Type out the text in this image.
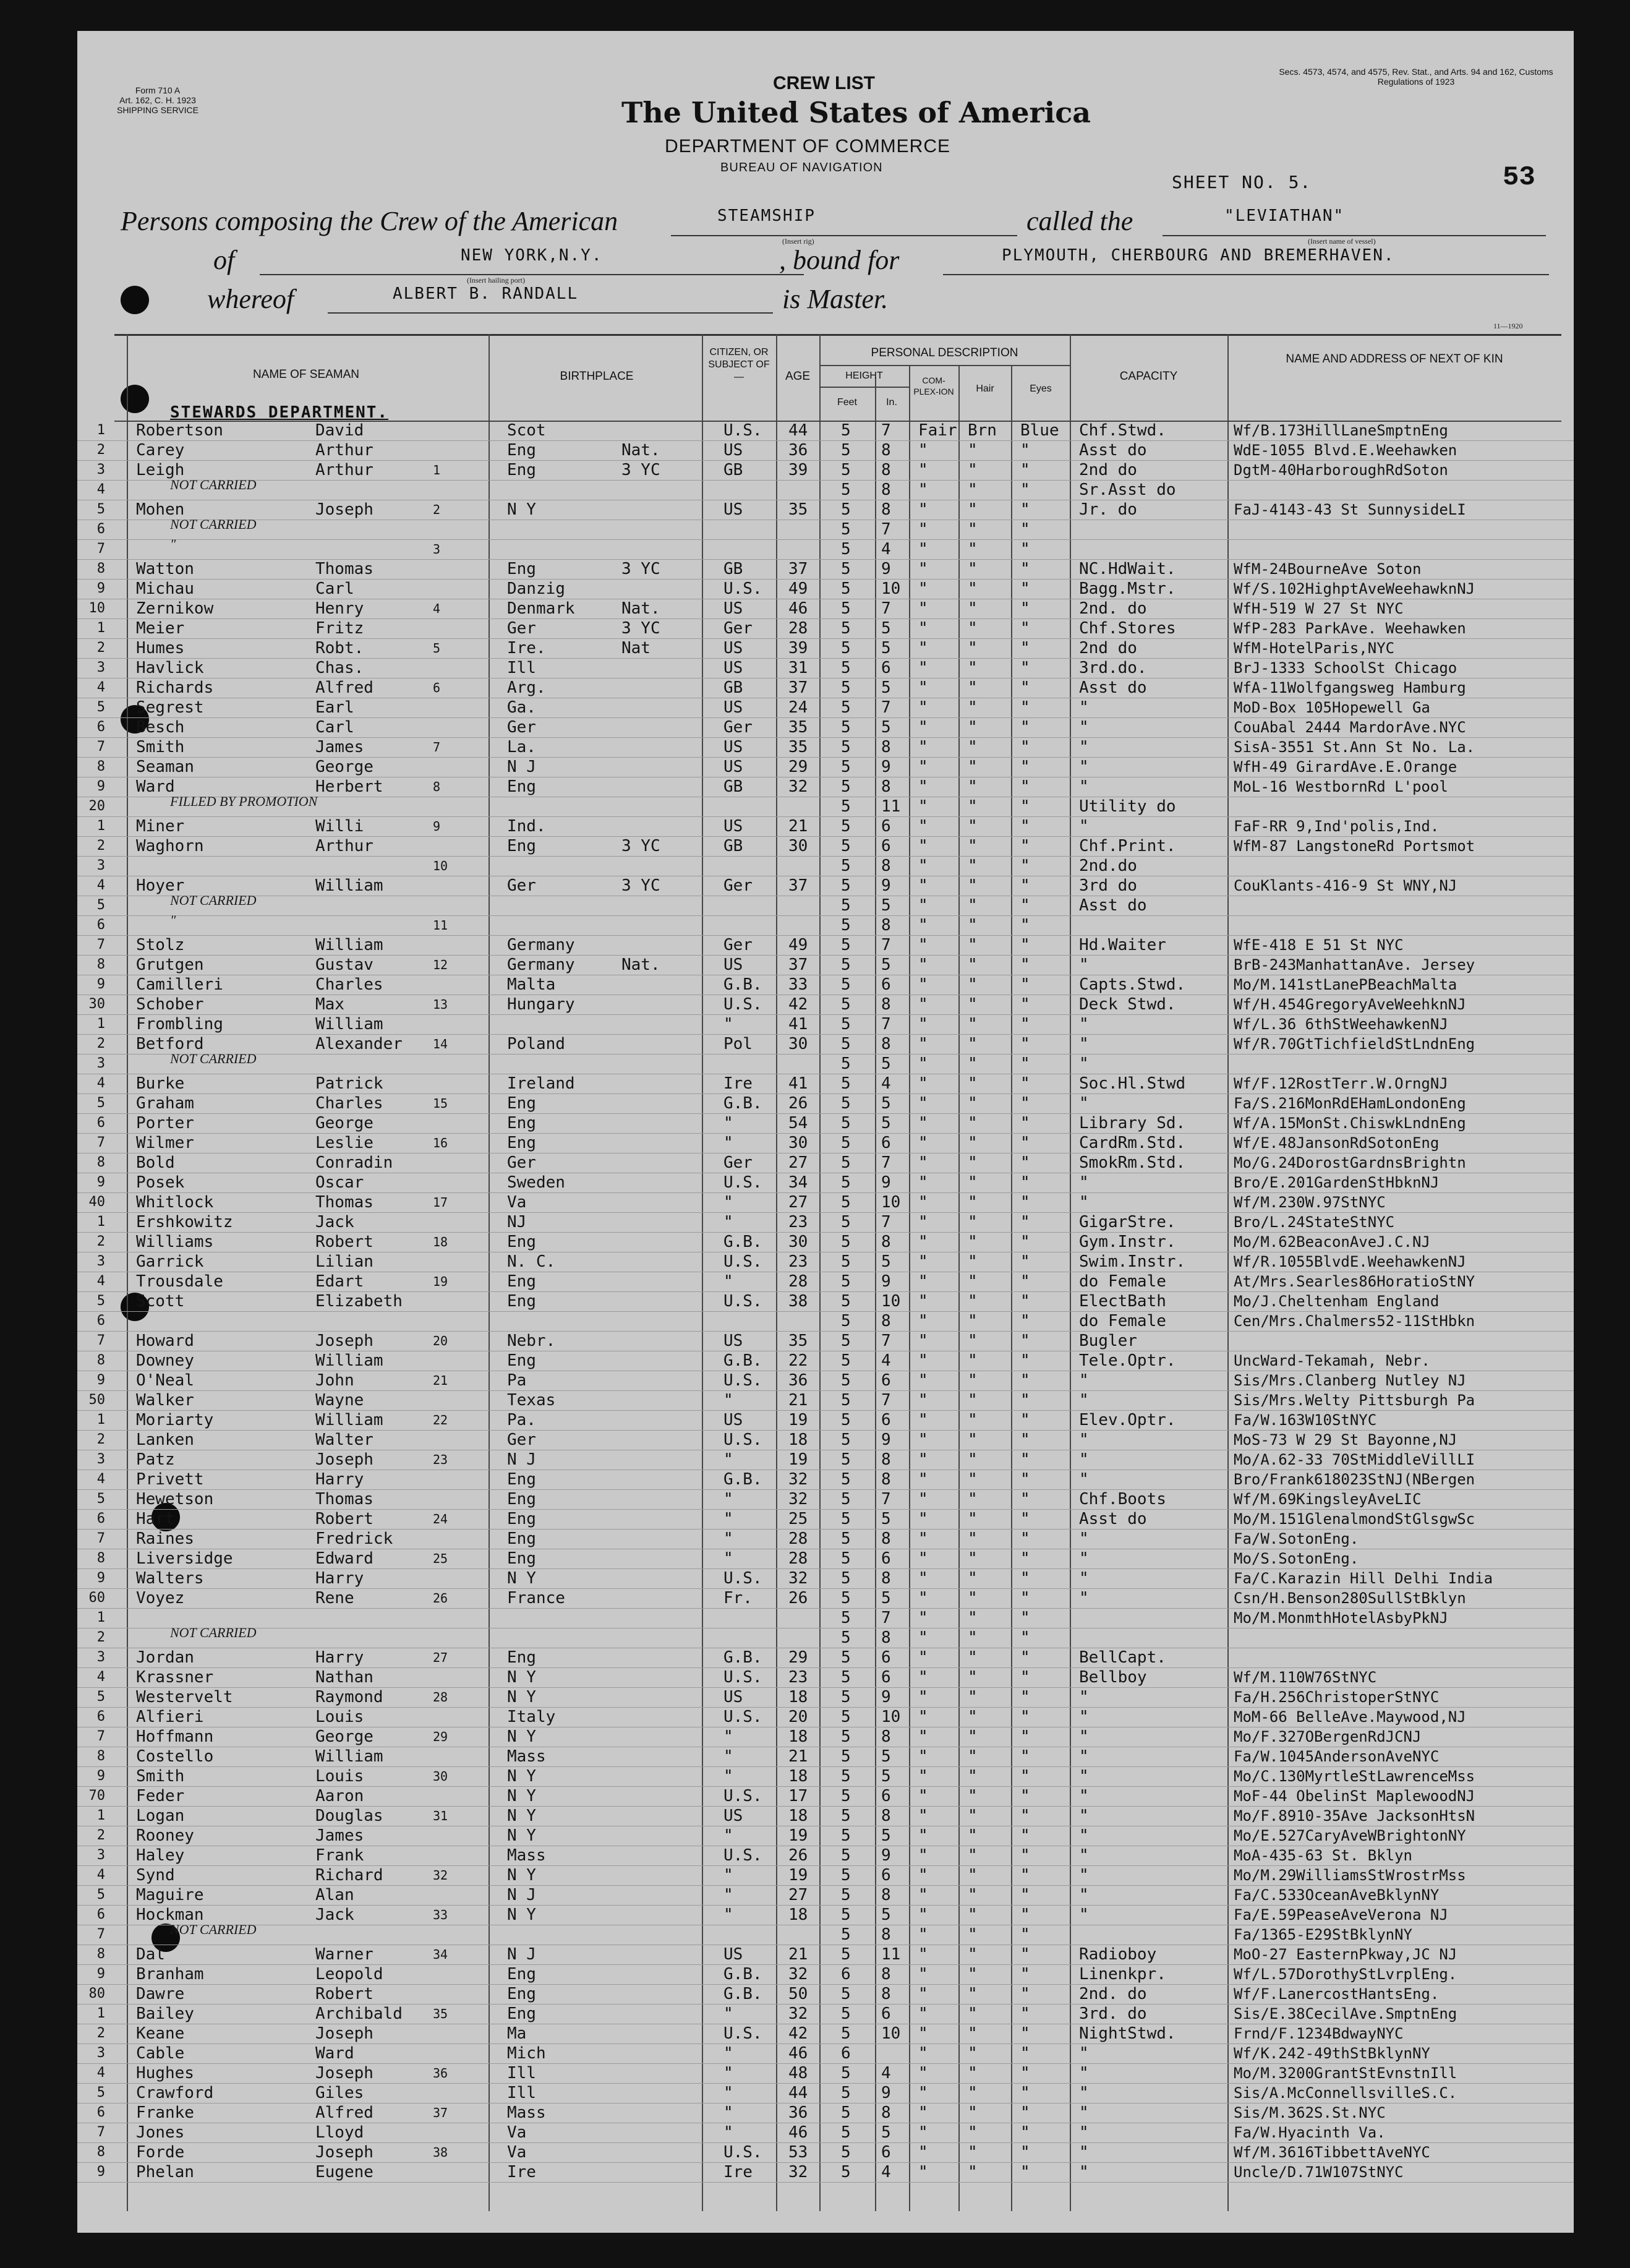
Form 710 A
Art. 162, C. H. 1923
SHIPPING SERVICE
Secs. 4573, 4574, and 4575, Rev. Stat., and Arts. 94 and 162, Customs Regulations of 1923
CREW LIST
The United States of America
DEPARTMENT OF COMMERCE
BUREAU OF NAVIGATION
SHEET NO. 5.	53
Persons composing the Crew of the American	STEAMSHIP
(Insert rig)
called the	"LEVIATHAN"
(Insert name of vessel)
of	NEW YORK,N.Y.
(Insert hailing port)
, bound for	PLYMOUTH, CHERBOURG AND BREMERHAVEN.
whereof	ALBERT B. RANDALL	is Master.
11—1920
NAME OF SEAMAN	BIRTHPLACE
CITIZEN, OR SUBJECT OF—	AGE
PERSONAL DESCRIPTION
HEIGHT
Feet	In.
COM-PLEX-ION	Hair	Eyes
CAPACITY
NAME AND ADDRESS OF NEXT OF KIN
STEWARDS DEPARTMENT.
1 Robertson	David	Scot	U.S. 44 5 7 Fair Brn Blue Chf.Stwd.	Wf/B.173HillLaneSmptnEng
2 Carey	Arthur	Eng	Nat.	US	36 5 8 " "	"	Asst do	WdE-1055 Blvd.E.Weehawken
3 Leigh	Arthur	1	Eng	3 YC	GB	39 5 8 " "	"	2nd do	DgtM-40HarboroughRdSoton
4	5 8 " "	"	Sr.Asst do
NOT CARRIED
5 Mohen	Joseph	2	N Y	US	35 5 8 " "	"	Jr. do	FaJ-4143-43 St SunnysideLI
6	5 7 " "	"
NOT CARRIED
7	3	5 4 " "	"
"
8 Watton	Thomas	Eng	3 YC	GB	37 5 9 " "	"	NC.HdWait.	WfM-24BourneAve Soton
9 Michau	Carl	Danzig	U.S. 49 5 10 " "	"	Bagg.Mstr.	Wf/S.102HighptAveWeehawknNJ
10 Zernikow	Henry	4	Denmark	Nat.	US	46 5 7 " "	"	2nd. do	WfH-519 W 27 St NYC
1 Meier	Fritz	Ger	3 YC	Ger 28 5 5 " "	"	Chf.Stores	WfP-283 ParkAve. Weehawken
2 Humes	Robt.	5	Ire.	Nat	US	39 5 5 " "	"	2nd do	WfM-HotelParis,NYC
3 Havlick	Chas.	Ill	US	31 5 6 " "	"	3rd.do.	BrJ-1333 SchoolSt Chicago
4 Richards	Alfred	6	Arg.	GB	37 5 5 " "	"	Asst do	WfA-11Wolfgangsweg Hamburg
5 Segrest	Earl	Ga.	US	24 5 7 " "	"	"	MoD-Box 105Hopewell Ga
6 Besch	Carl	Ger	Ger 35 5 5 " "	"	"	CouAbal 2444 MardorAve.NYC
7 Smith	James	7	La.	US	35 5 8 " "	"	"	SisA-3551 St.Ann St No. La.
8 Seaman	George	N J	US	29 5 9 " "	"	"	WfH-49 GirardAve.E.Orange
9 Ward	Herbert	8	Eng	GB	32 5 8 " "	"	"	MoL-16 WestbornRd L'pool
20	5 11 " "	"	Utility do
FILLED BY PROMOTION
1 Miner	Willi	9	Ind.	US	21 5 6 " "	"	"	FaF-RR 9,Ind'polis,Ind.
2 Waghorn	Arthur	Eng	3 YC	GB	30 5 6 " "	"	Chf.Print.	WfM-87 LangstoneRd Portsmot
3	10	5 8 " "	"	2nd.do
4 Hoyer	William	Ger	3 YC	Ger 37 5 9 " "	"	3rd do	CouKlants-416-9 St WNY,NJ
5	5 5 " "	"	Asst do
NOT CARRIED
6	11	5 8 " "	"
"
7 Stolz	William	Germany	Ger 49 5 7 " "	"	Hd.Waiter	WfE-418 E 51 St NYC
8 Grutgen	Gustav	12	Germany	Nat.	US	37 5 5 " "	"	"	BrB-243ManhattanAve. Jersey
9 Camilleri	Charles	Malta	G.B. 33 5 6 " "	"	Capts.Stwd.	Mo/M.141stLanePBeachMalta
30 Schober	Max	13	Hungary	U.S. 42 5 8 " "	"	Deck Stwd.	Wf/H.454GregoryAveWeehknNJ
1 Frombling	William	"	41 5 7 " "	"	"	Wf/L.36 6thStWeehawkenNJ
2 Betford	Alexander 14	Poland	Pol 30 5 8 " "	"	"	Wf/R.70GtTichfieldStLndnEng
3	5 5 " "	"	"
NOT CARRIED
4 Burke	Patrick	Ireland	Ire 41 5 4 " "	"	Soc.Hl.Stwd	Wf/F.12RostTerr.W.OrngNJ
5 Graham	Charles	15	Eng	G.B. 26 5 5 " "	"	"	Fa/S.216MonRdEHamLondonEng
6 Porter	George	Eng	"	54 5 5 " "	"	Library Sd.	Wf/A.15MonSt.ChiswkLndnEng
7 Wilmer	Leslie	16	Eng	"	30 5 6 " "	"	CardRm.Std.	Wf/E.48JansonRdSotonEng
8 Bold	Conradin	Ger	Ger 27 5 7 " "	"	SmokRm.Std.	Mo/G.24DorostGardnsBrightn
9 Posek	Oscar	Sweden	U.S. 34 5 9 " "	"	"	Bro/E.201GardenStHbknNJ
40 Whitlock	Thomas	17	Va	"	27 5 10 " "	"	"	Wf/M.230W.97StNYC
1 Ershkowitz	Jack	NJ	"	23 5 7 " "	"	GigarStre.	Bro/L.24StateStNYC
2 Williams	Robert	18	Eng	G.B. 30 5 8 " "	"	Gym.Instr.	Mo/M.62BeaconAveJ.C.NJ
3 Garrick	Lilian	N. C.	U.S. 23 5 5 " "	"	Swim.Instr.	Wf/R.1055BlvdE.WeehawkenNJ
4 Trousdale	Edart	19	Eng	"	28 5 9 " "	"	do Female	At/Mrs.Searles86HoratioStNY
5 Scott	Elizabeth	Eng	U.S. 38 5 10 " "	"	ElectBath	Mo/J.Cheltenham England
6	5 8 " "	"	do Female	Cen/Mrs.Chalmers52-11StHbkn
7 Howard	Joseph	20	Nebr.	US	35 5 7 " "	"	Bugler
8 Downey	William	Eng	G.B. 22 5 4 " "	"	Tele.Optr.	UncWard-Tekamah, Nebr.
9 O'Neal	John	21	Pa	U.S. 36 5 6 " "	"	"	Sis/Mrs.Clanberg Nutley NJ
50 Walker	Wayne	Texas	"	21 5 7 " "	"	"	Sis/Mrs.Welty Pittsburgh Pa
1 Moriarty	William	22	Pa.	US	19 5 6 " "	"	Elev.Optr.	Fa/W.163W10StNYC
2 Lanken	Walter	Ger	U.S. 18 5 9 " "	"	"	MoS-73 W 29 St Bayonne,NJ
3 Patz	Joseph	23	N J	"	19 5 8 " "	"	"	Mo/A.62-33 70StMiddleVillLI
4 Privett	Harry	Eng	G.B. 32 5 8 " "	"	"	Bro/Frank618023StNJ(NBergen
5 Hewetson	Thomas	Eng	"	32 5 7 " "	"	Chf.Boots	Wf/M.69KingsleyAveLIC
6 Hart	Robert	24	Eng	"	25 5 5 " "	"	Asst do	Mo/M.151GlenalmondStGlsgwSc
7 Raines	Fredrick	Eng	"	28 5 8 " "	"	"	Fa/W.SotonEng.
8 Liversidge	Edward	25	Eng	"	28 5 6 " "	"	"	Mo/S.SotonEng.
9 Walters	Harry	N Y	U.S. 32 5 8 " "	"	"	Fa/C.Karazin Hill Delhi India
60 Voyez	Rene	26	France	Fr. 26 5 5 " "	"	"	Csn/H.Benson280SullStBklyn
1	5 7 " "	"	Mo/M.MonmthHotelAsbyPkNJ
2	5 8 " "	"
NOT CARRIED
3 Jordan	Harry	27	Eng	G.B. 29 5 6 " "	"	BellCapt.
4 Krassner	Nathan	N Y	U.S. 23 5 6 " "	"	Bellboy	Wf/M.110W76StNYC
5 Westervelt	Raymond	28	N Y	US	18 5 9 " "	"	"	Fa/H.256ChristoperStNYC
6 Alfieri	Louis	Italy	U.S. 20 5 10 " "	"	"	MoM-66 BelleAve.Maywood,NJ
7 Hoffmann	George	29	N Y	"	18 5 8 " "	"	"	Mo/F.327OBergenRdJCNJ
8 Costello	William	Mass	"	21 5 5 " "	"	"	Fa/W.1045AndersonAveNYC
9 Smith	Louis	30	N Y	"	18 5 5 " "	"	"	Mo/C.130MyrtleStLawrenceMss
70 Feder	Aaron	N Y	U.S. 17 5 6 " "	"	"	MoF-44 ObelinSt MaplewoodNJ
1 Logan	Douglas	31	N Y	US	18 5 8 " "	"	"	Mo/F.8910-35Ave JacksonHtsN
2 Rooney	James	N Y	"	19 5 5 " "	"	"	Mo/E.527CaryAveWBrightonNY
3 Haley	Frank	Mass	U.S. 26 5 9 " "	"	"	MoA-435-63 St. Bklyn
4 Synd	Richard	32	N Y	"	19 5 6 " "	"	"	Mo/M.29WilliamsStWrostrMss
5 Maguire	Alan	N J	"	27 5 8 " "	"	"	Fa/C.533OceanAveBklynNY
6 Hockman	Jack	33	N Y	"	18 5 5 " "	"	"	Fa/E.59PeaseAveVerona NJ
7	5 8 " "	"	Fa/1365-E29StBklynNY
NOT CARRIED
8 Dal	Warner	34	N J	US	21 5 11 " "	"	Radioboy	MoO-27 EasternPkway,JC NJ
9 Branham	Leopold	Eng	G.B. 32 6 8 " "	"	Linenkpr.	Wf/L.57DorothyStLvrplEng.
80 Dawre	Robert	Eng	G.B. 50 5 8 " "	"	2nd. do	Wf/F.LanercostHantsEng.
1 Bailey	Archibald 35	Eng	"	32 5 6 " "	"	3rd. do	Sis/E.38CecilAve.SmptnEng
2 Keane	Joseph	Ma	U.S. 42 5 10 " "	"	NightStwd.	Frnd/F.1234BdwayNYC
3 Cable	Ward	Mich	"	46 6	" "	"	"	Wf/K.242-49thStBklynNY
4 Hughes	Joseph	36	Ill	"	48 5 4 " "	"	"	Mo/M.3200GrantStEvnstnIll
5 Crawford	Giles	Ill	"	44 5 9 " "	"	"	Sis/A.McConnellsvilleS.C.
6 Franke	Alfred	37	Mass	"	36 5 8 " "	"	"	Sis/M.362S.St.NYC
7 Jones	Lloyd	Va	"	46 5 5 " "	"	"	Fa/W.Hyacinth Va.
8 Forde	Joseph	38	Va	U.S. 53 5 6 " "	"	"	Wf/M.3616TibbettAveNYC
9 Phelan	Eugene	Ire	Ire 32 5 4 " "	"	"	Uncle/D.71W107StNYC
